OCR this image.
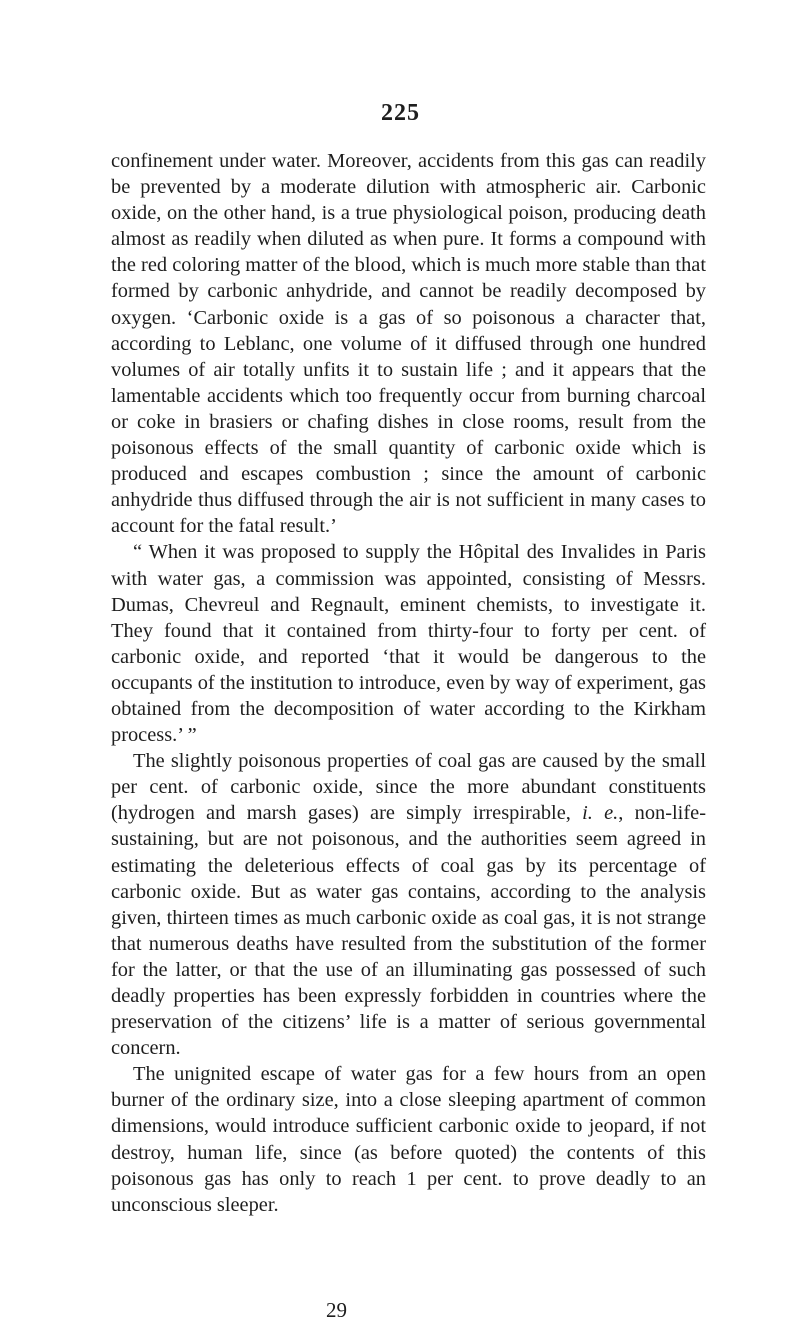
225

confinement under water. Moreover, accidents from this gas can readily be prevented by a moderate dilution with atmospheric air. Carbonic oxide, on the other hand, is a true physiological poison, producing death almost as readily when diluted as when pure. It forms a compound with the red coloring matter of the blood, which is much more stable than that formed by carbonic anhydride, and cannot be readily decomposed by oxygen. ‘Carbonic oxide is a gas of so poisonous a character that, according to Leblanc, one volume of it diffused through one hundred volumes of air totally unfits it to sustain life ; and it appears that the lamentable accidents which too frequently occur from burning charcoal or coke in brasiers or chafing dishes in close rooms, result from the poisonous effects of the small quantity of carbonic oxide which is produced and escapes combustion ; since the amount of carbonic anhydride thus diffused through the air is not sufficient in many cases to account for the fatal result.’

“ When it was proposed to supply the Hôpital des Invalides in Paris with water gas, a commission was appointed, consisting of Messrs. Dumas, Chevreul and Regnault, eminent chemists, to investigate it. They found that it contained from thirty-four to forty per cent. of carbonic oxide, and reported ‘that it would be dangerous to the occupants of the institution to introduce, even by way of experiment, gas obtained from the decomposition of water according to the Kirkham process.’ ”

The slightly poisonous properties of coal gas are caused by the small per cent. of carbonic oxide, since the more abundant constituents (hydrogen and marsh gases) are simply irrespirable, i. e., non-life-sustaining, but are not poisonous, and the authorities seem agreed in estimating the deleterious effects of coal gas by its percentage of carbonic oxide. But as water gas contains, according to the analysis given, thirteen times as much carbonic oxide as coal gas, it is not strange that numerous deaths have resulted from the substitution of the former for the latter, or that the use of an illuminating gas possessed of such deadly properties has been expressly forbidden in countries where the preservation of the citizens’ life is a matter of serious governmental concern.

The unignited escape of water gas for a few hours from an open burner of the ordinary size, into a close sleeping apartment of common dimensions, would introduce sufficient carbonic oxide to jeopard, if not destroy, human life, since (as before quoted) the contents of this poisonous gas has only to reach 1 per cent. to prove deadly to an unconscious sleeper.

29
